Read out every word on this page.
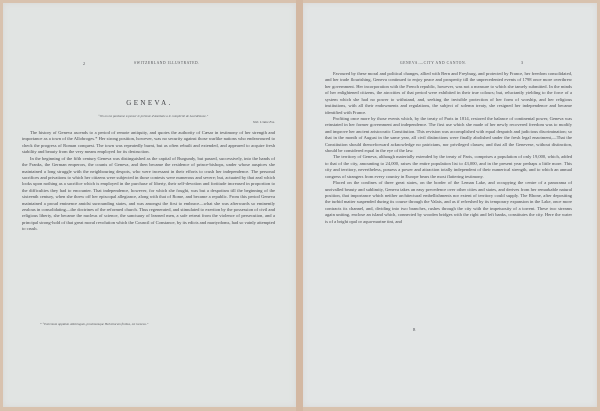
2	SWITZERLAND ILLUSTRATED.
GENEVA.
“Oh on me pardonne à penser le prétexte d'Annibale a le complicité de Lacédémone.”
Volt. L'Ame Ess.

The history of Geneva ascends to a period of remote antiquity, and quotes the authority of Cæsar in testimony of her strength and importance as a town of the Allobroges.* Her strong position, however, was no security against those warlike nations who endeavoured to check the progress of Roman conquest. The town was repeatedly burnt, but as often rebuilt and extended, and appeared to acquire fresh stability and beauty from the very means employed for its destruction.

In the beginning of the fifth century Geneva was distinguished as the capital of Burgundy, but passed, successively, into the hands of the Franks, the German emperors, the counts of Geneva, and then became the residence of prince-bishops, under whose auspices she maintained a long struggle with the neighbouring despots, who were incessant in their efforts to crush her independence. The personal sacrifices and privations to which her citizens were subjected in those contests were numerous and severe; but, actuated by that zeal which looks upon nothing as a sacrifice which is employed in the purchase of liberty, their self-devotion and fortitude increased in proportion to the difficulties they had to encounter. That independence, however, for which she fought, was but a despotism till the beginning of the sixteenth century, when she threw off her episcopal allegiance, along with that of Rome, and became a republic. From this period Geneva maintained a proud eminence amidst surrounding states, and was amongst the first to embrace—what she was afterwards so eminently zealous in consolidating—the doctrines of the reformed church. Thus regenerated, and stimulated to exertion by the possession of civil and religious liberty, she became the nucleus of science, the sanctuary of learned men, a safe retreat from the violence of persecution, and a principal strong-hold of that great moral revolution which the Council of Constance, by its edicts and martyrdoms, had so vainly attempted to crush.

* “Extremum oppidum Allobrogum, proximumque Helvetiorum finibus, est Geneva.”
GENEVA.—CITY AND CANTON.	3

Favoured by these moral and political changes, allied with Bern and Freyburg, and protected by France, her freedom consolidated, and her trade flourishing, Geneva continued to enjoy peace and prosperity till the unprecedented events of 1798 once more overthrew her government. Her incorporation with the French republic, however, was not a measure to which she tamely submitted. In the minds of her enlightened citizens, the atrocities of that period were exhibited in their true colours; but, reluctantly yielding to the force of a system which she had no power to withstand, and, seeking the invisible protection of her form of worship, and her religious institutions, with all their endowments and regulations, the subject of solemn treaty, she resigned her independence and became identified with France.

Profiting once more by those events which, by the treaty of Paris in 1814, restored the balance of continental power, Geneva was reinstated in her former government and independence. The first use which she made of her newly recovered freedom was to modify and improve her ancient aristocratic Constitution. This revision was accomplished with equal despatch and judicious discrimination; so that in the month of August in the same year, all civil distinctions were finally abolished under the fresh legal enactment,—That the Constitution should thenceforward acknowledge no patricians, nor privileged classes; and that all the Genevese, without distinction, should be considered equal in the eye of the law.

The territory of Geneva, although materially extended by the treaty of Paris, comprises a population of only 19,000, which, added to that of the city, amounting to 24,000, raises the entire population list to 43,000, and in the present year perhaps a little more. This city and territory, nevertheless, possess a power and attraction totally independent of their numerical strength, and to which an annual congress of strangers from every country in Europe bears the most flattering testimony.

Placed on the confines of three great states, on the border of the Leman Lake, and occupying the centre of a panorama of unrivalled beauty and sublimity, Geneva takes an easy precedence over other cities and states, and derives from her remarkable natural position, that importance which neither architectural embellishments nor extent of territory could supply. The Rhone, after depositing the turbid matter suspended during its course through the Valais, and as if refreshed by its temporary expansion in the Lake, once more contracts its channel, and, dividing into two branches, rushes through the city with the impetuosity of a torrent. These two streams again uniting, enclose an island which, connected by wooden bridges with the right and left banks, constitutes the city. Here the water is of a bright opal or aqua-marine tint, and

B
